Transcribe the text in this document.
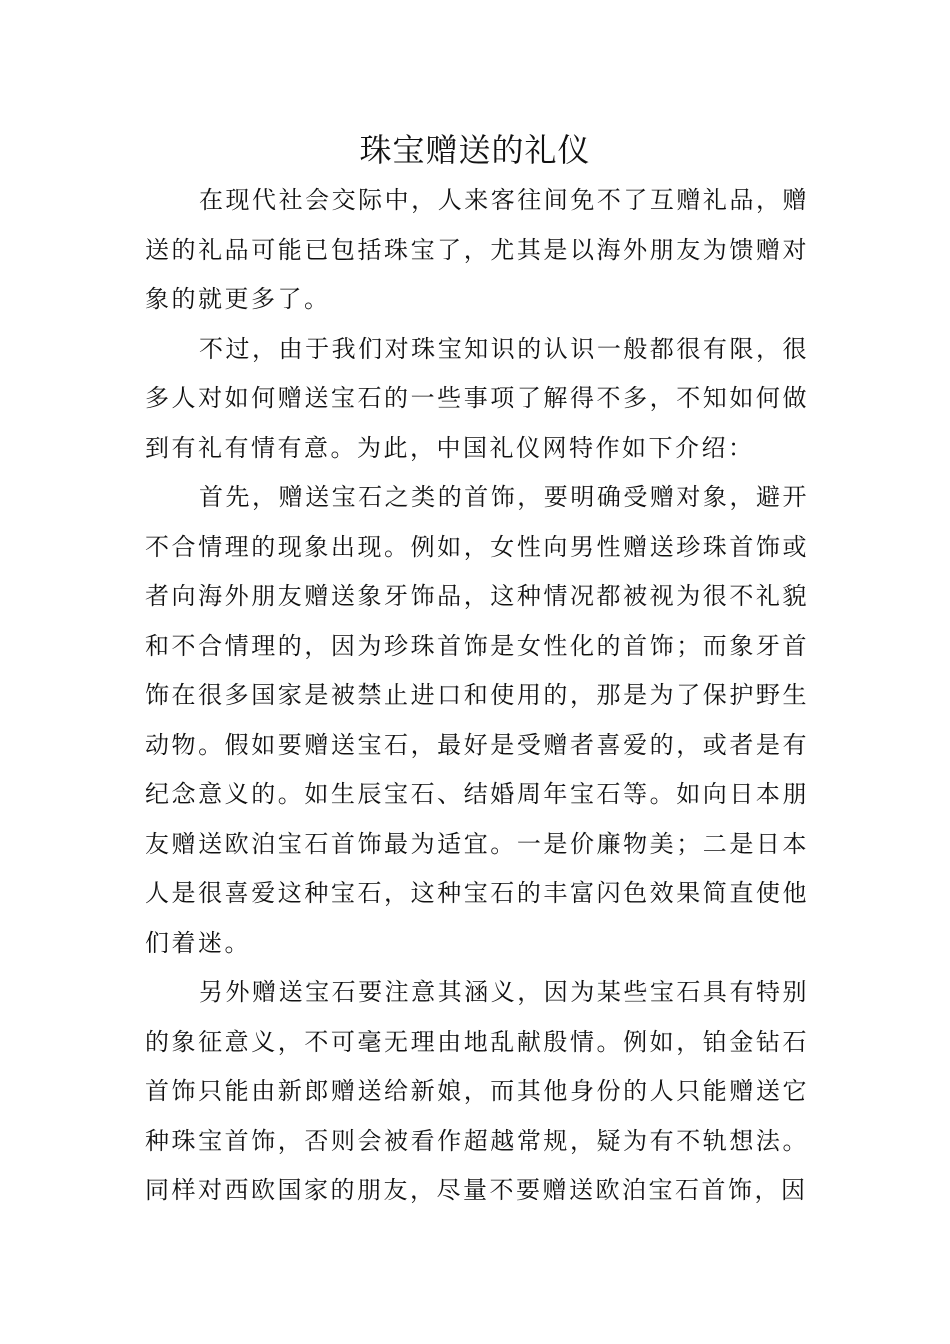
珠宝赠送的礼仪

在现代社会交际中，人来客往间免不了互赠礼品，赠送的礼品可能已包括珠宝了，尤其是以海外朋友为馈赠对象的就更多了。

不过，由于我们对珠宝知识的认识一般都很有限，很多人对如何赠送宝石的一些事项了解得不多，不知如何做到有礼有情有意。为此，中国礼仪网特作如下介绍：

首先，赠送宝石之类的首饰，要明确受赠对象，避开不合情理的现象出现。例如，女性向男性赠送珍珠首饰或者向海外朋友赠送象牙饰品，这种情况都被视为很不礼貌和不合情理的，因为珍珠首饰是女性化的首饰；而象牙首饰在很多国家是被禁止进口和使用的，那是为了保护野生动物。假如要赠送宝石，最好是受赠者喜爱的，或者是有纪念意义的。如生辰宝石、结婚周年宝石等。如向日本朋友赠送欧泊宝石首饰最为适宜。一是价廉物美；二是日本人是很喜爱这种宝石，这种宝石的丰富闪色效果简直使他们着迷。

另外赠送宝石要注意其涵义，因为某些宝石具有特别的象征意义，不可毫无理由地乱献殷情。例如，铂金钻石首饰只能由新郎赠送给新娘，而其他身份的人只能赠送它种珠宝首饰，否则会被看作超越常规，疑为有不轨想法。同样对西欧国家的朋友，尽量不要赠送欧泊宝石首饰，因
